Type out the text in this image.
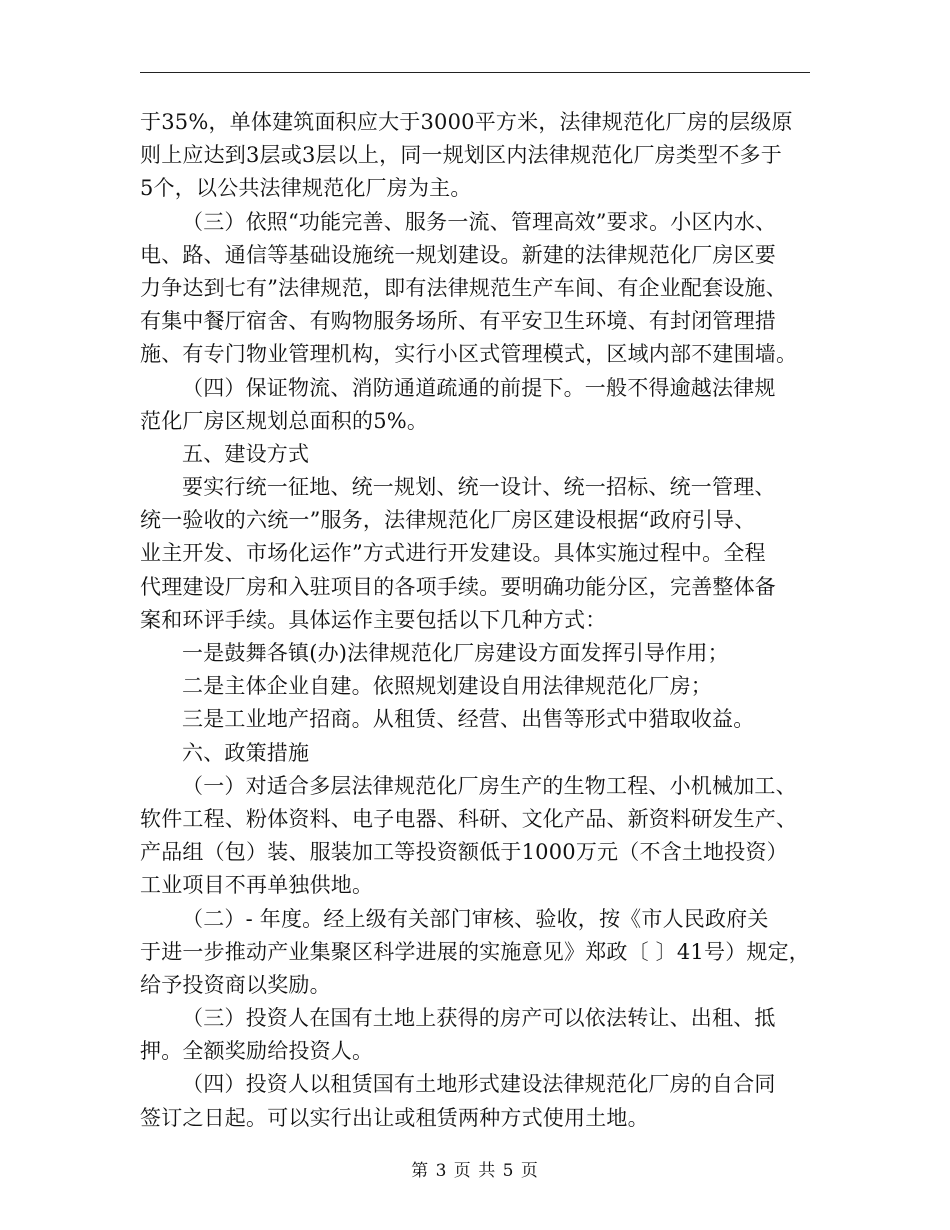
于35%，单体建筑面积应大于3000平方米，法律规范化厂房的层级原
则上应达到3层或3层以上，同一规划区内法律规范化厂房类型不多于
5个，以公共法律规范化厂房为主。
（三）依照“功能完善、服务一流、管理高效”要求。小区内水、
电、路、通信等基础设施统一规划建设。新建的法律规范化厂房区要
力争达到七有”法律规范，即有法律规范生产车间、有企业配套设施、
有集中餐厅宿舍、有购物服务场所、有平安卫生环境、有封闭管理措
施、有专门物业管理机构，实行小区式管理模式，区域内部不建围墙。
（四）保证物流、消防通道疏通的前提下。一般不得逾越法律规
范化厂房区规划总面积的5%。
五、建设方式
要实行统一征地、统一规划、统一设计、统一招标、统一管理、
统一验收的六统一”服务，法律规范化厂房区建设根据“政府引导、
业主开发、市场化运作”方式进行开发建设。具体实施过程中。全程
代理建设厂房和入驻项目的各项手续。要明确功能分区，完善整体备
案和环评手续。具体运作主要包括以下几种方式：
一是鼓舞各镇(办)法律规范化厂房建设方面发挥引导作用；
二是主体企业自建。依照规划建设自用法律规范化厂房；
三是工业地产招商。从租赁、经营、出售等形式中猎取收益。
六、政策措施
（一）对适合多层法律规范化厂房生产的生物工程、小机械加工、
软件工程、粉体资料、电子电器、科研、文化产品、新资料研发生产、
产品组（包）装、服装加工等投资额低于1000万元（不含土地投资）
工业项目不再单独供地。
（二）- 年度。经上级有关部门审核、验收，按《市人民政府关
于进一步推动产业集聚区科学进展的实施意见》郑政〔 〕41号）规定，
给予投资商以奖励。
（三）投资人在国有土地上获得的房产可以依法转让、出租、抵
押。全额奖励给投资人。
（四）投资人以租赁国有土地形式建设法律规范化厂房的自合同
签订之日起。可以实行出让或租赁两种方式使用土地。
第 3 页 共 5 页
